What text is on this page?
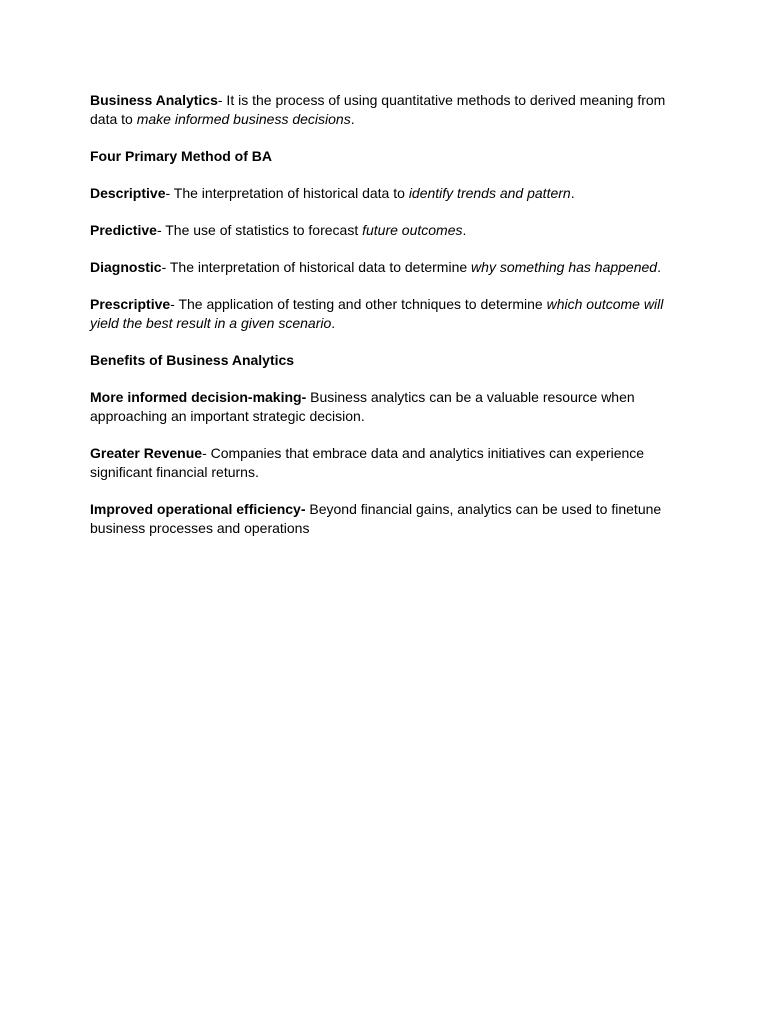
Business Analytics- It is the process of using quantitative methods to derived meaning from data to make informed business decisions.

Four Primary Method of BA

Descriptive- The interpretation of historical data to identify trends and pattern.

Predictive- The use of statistics to forecast future outcomes.

Diagnostic- The interpretation of historical data to determine why something has happened.

Prescriptive- The application of testing and other tchniques to determine which outcome will yield the best result in a given scenario.

Benefits of Business Analytics

More informed decision-making- Business analytics can be a valuable resource when approaching an important strategic decision.

Greater Revenue- Companies that embrace data and analytics initiatives can experience significant financial returns.

Improved operational efficiency- Beyond financial gains, analytics can be used to finetune business processes and operations
